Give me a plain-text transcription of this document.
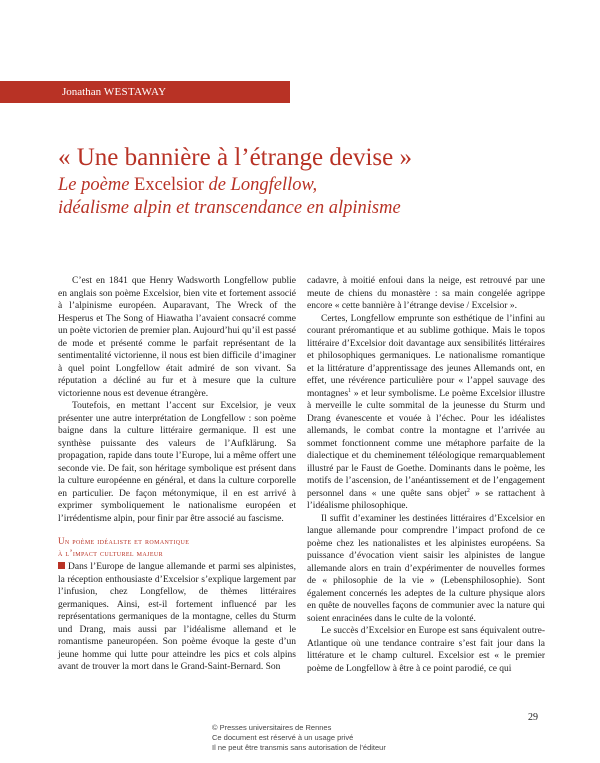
Jonathan WESTAWAY
« Une bannière à l’étrange devise »
Le poème Excelsior de Longfellow,
idéalisme alpin et transcendance en alpinisme

C’est en 1841 que Henry Wadsworth Longfellow publie en anglais son poème Excelsior, bien vite et fortement associé à l’alpinisme européen. Auparavant, The Wreck of the Hesperus et The Song of Hiawatha l’avaient consacré comme un poète victorien de premier plan. Aujourd’hui qu’il est passé de mode et présenté comme le parfait représentant de la sentimentalité victorienne, il nous est bien difficile d’imaginer à quel point Longfellow était admiré de son vivant. Sa réputation a décliné au fur et à mesure que la culture victorienne nous est devenue étrangère.

Toutefois, en mettant l’accent sur Excelsior, je veux présenter une autre interprétation de Longfellow : son poème baigne dans la culture littéraire germanique. Il est une synthèse puissante des valeurs de l’Aufklärung. Sa propagation, rapide dans toute l’Europe, lui a même offert une seconde vie. De fait, son héritage symbolique est présent dans la culture européenne en général, et dans la culture corporelle en particulier. De façon métonymique, il en est arrivé à exprimer symboliquement le nationalisme européen et l’irrédentisme alpin, pour finir par être associé au fascisme.

Un poème idéaliste et romantique
à l’impact culturel majeur

Dans l’Europe de langue allemande et parmi ses alpinistes, la réception enthousiaste d’Excelsior s’explique largement par l’infusion, chez Longfellow, de thèmes littéraires germaniques. Ainsi, est-il fortement influencé par les représentations germaniques de la montagne, celles du Sturm und Drang, mais aussi par l’idéalisme allemand et le romantisme paneuropéen. Son poème évoque la geste d’un jeune homme qui lutte pour atteindre les pics et cols alpins avant de trouver la mort dans le Grand-Saint-Bernard. Son

cadavre, à moitié enfoui dans la neige, est retrouvé par une meute de chiens du monastère : sa main congelée agrippe encore « cette bannière à l’étrange devise / Excelsior ».

Certes, Longfellow emprunte son esthétique de l’infini au courant préromantique et au sublime gothique. Mais le topos littéraire d’Excelsior doit davantage aux sensibilités littéraires et philosophiques germaniques. Le nationalisme romantique et la littérature d’apprentissage des jeunes Allemands ont, en effet, une révérence particulière pour « l’appel sauvage des montagnes$^1$ » et leur symbolisme. Le poème Excelsior illustre à merveille le culte sommital de la jeunesse du Sturm und Drang évanescente et vouée à l’échec. Pour les idéalistes allemands, le combat contre la montagne et l’arrivée au sommet fonctionnent comme une métaphore parfaite de la dialectique et du cheminement téléologique remarquablement illustré par le Faust de Goethe. Dominants dans le poème, les motifs de l’ascension, de l’anéantissement et de l’engagement personnel dans « une quête sans objet$^2$ » se rattachent à l’idéalisme philosophique.

Il suffit d’examiner les destinées littéraires d’Excelsior en langue allemande pour comprendre l’impact profond de ce poème chez les nationalistes et les alpinistes européens. Sa puissance d’évocation vient saisir les alpinistes de langue allemande alors en train d’expérimenter de nouvelles formes de « philosophie de la vie » (Lebensphilosophie). Sont également concernés les adeptes de la culture physique alors en quête de nouvelles façons de communier avec la nature qui soient enracinées dans le culte de la volonté.

Le succès d’Excelsior en Europe est sans équivalent outre-Atlantique où une tendance contraire s’est fait jour dans la littérature et le champ culturel. Excelsior est « le premier poème de Longfellow à être à ce point parodié, ce qui

29
© Presses universitaires de Rennes
Ce document est réservé à un usage privé
Il ne peut être transmis sans autorisation de l’éditeur
